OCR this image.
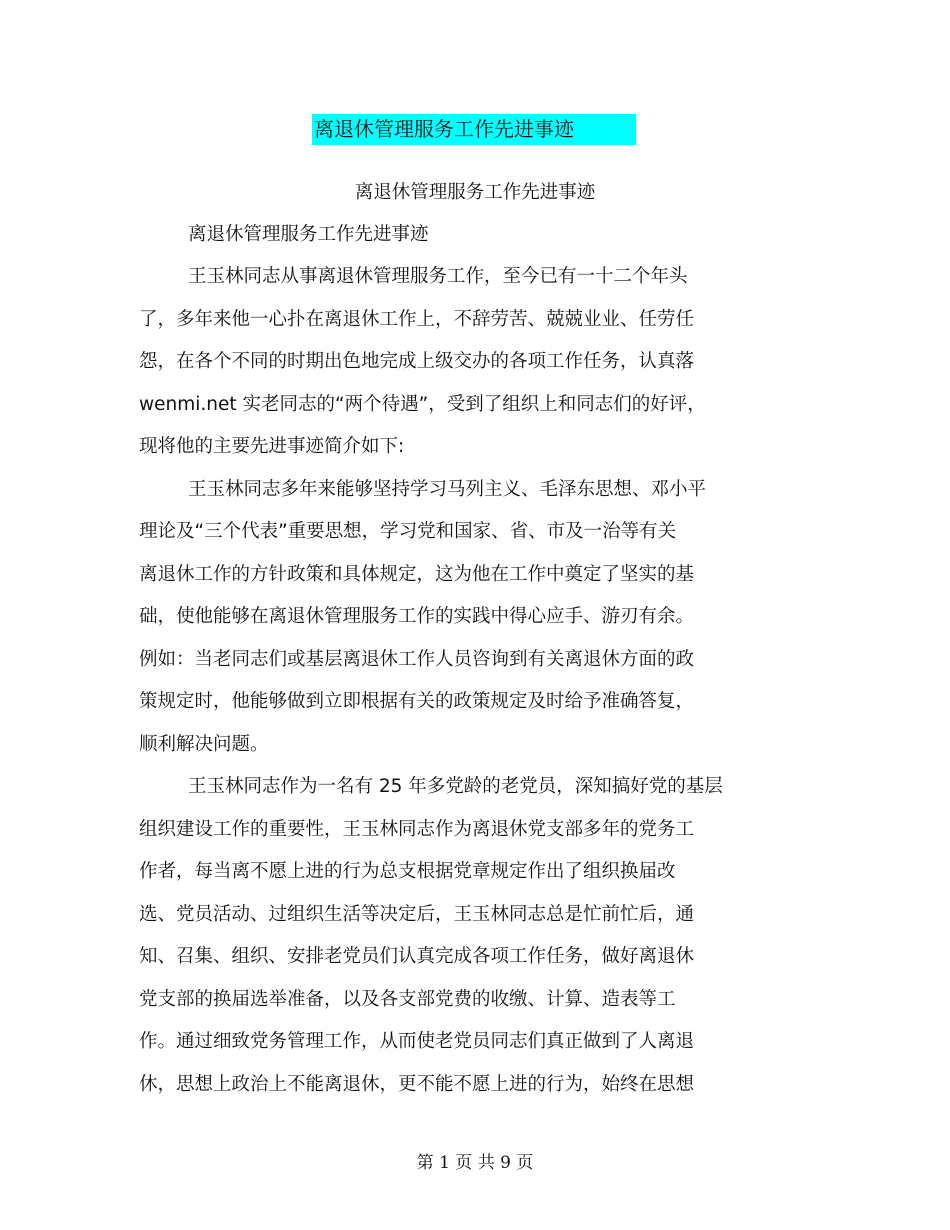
离退休管理服务工作先进事迹
离退休管理服务工作先进事迹
离退休管理服务工作先进事迹
王玉林同志从事离退休管理服务工作，至今已有一十二个年头
了，多年来他一心扑在离退休工作上，不辞劳苦、兢兢业业、任劳任
怨，在各个不同的时期出色地完成上级交办的各项工作任务，认真落
wenmi.net 实老同志的“两个待遇”，受到了组织上和同志们的好评，
现将他的主要先进事迹简介如下:
王玉林同志多年来能够坚持学习马列主义、毛泽东思想、邓小平
理论及“三个代表”重要思想，学习党和国家、省、市及一治等有关
离退休工作的方针政策和具体规定，这为他在工作中奠定了坚实的基
础，使他能够在离退休管理服务工作的实践中得心应手、游刃有余。
例如：当老同志们或基层离退休工作人员咨询到有关离退休方面的政
策规定时，他能够做到立即根据有关的政策规定及时给予准确答复，
顺利解决问题。
王玉林同志作为一名有 25 年多党龄的老党员，深知搞好党的基层
组织建设工作的重要性，王玉林同志作为离退休党支部多年的党务工
作者，每当离不愿上进的行为总支根据党章规定作出了组织换届改
选、党员活动、过组织生活等决定后，王玉林同志总是忙前忙后，通
知、召集、组织、安排老党员们认真完成各项工作任务，做好离退休
党支部的换届选举准备，以及各支部党费的收缴、计算、造表等工
作。通过细致党务管理工作，从而使老党员同志们真正做到了人离退
休，思想上政治上不能离退休，更不能不愿上进的行为，始终在思想
第 1 页 共 9 页
